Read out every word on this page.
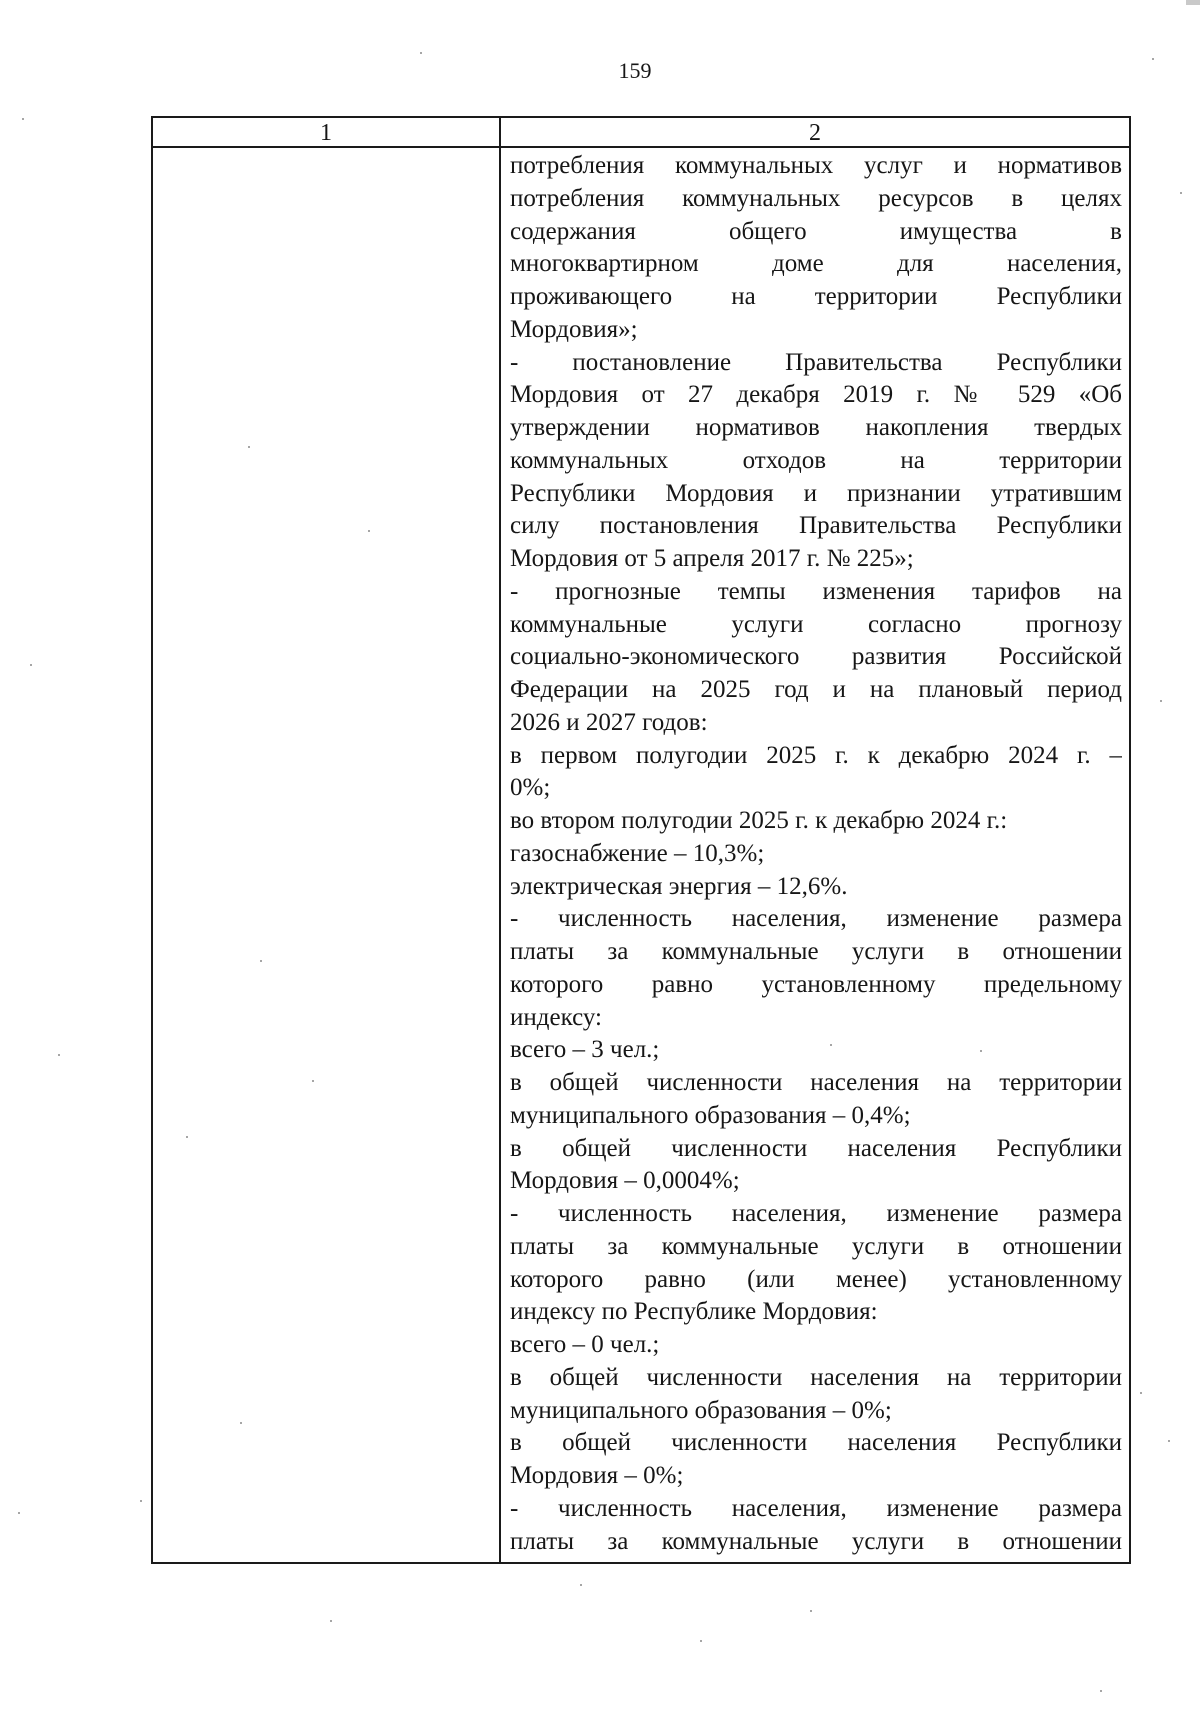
159
1	2
потребления коммунальных услуг и нормативов
потребления коммунальных ресурсов в целях
содержания общего имущества в
многоквартирном доме для населения,
проживающего на территории Республики
Мордовия»;
- постановление Правительства Республики
Мордовия от 27 декабря 2019 г. № 529 «Об
утверждении нормативов накопления твердых
коммунальных отходов на территории
Республики Мордовия и признании утратившим
силу постановления Правительства Республики
Мордовия от 5 апреля 2017 г. № 225»;
- прогнозные темпы изменения тарифов на
коммунальные услуги согласно прогнозу
социально-экономического развития Российской
Федерации на 2025 год и на плановый период
2026 и 2027 годов:
в первом полугодии 2025 г. к декабрю 2024 г. –
0%;
во втором полугодии 2025 г. к декабрю 2024 г.:
газоснабжение – 10,3%;
электрическая энергия – 12,6%.
- численность населения, изменение размера
платы за коммунальные услуги в отношении
которого равно установленному предельному
индексу:
всего – 3 чел.;
в общей численности населения на территории
муниципального образования – 0,4%;
в общей численности населения Республики
Мордовия – 0,0004%;
- численность населения, изменение размера
платы за коммунальные услуги в отношении
которого равно (или менее) установленному
индексу по Республике Мордовия:
всего – 0 чел.;
в общей численности населения на территории
муниципального образования – 0%;
в общей численности населения Республики
Мордовия – 0%;
- численность населения, изменение размера
платы за коммунальные услуги в отношении
